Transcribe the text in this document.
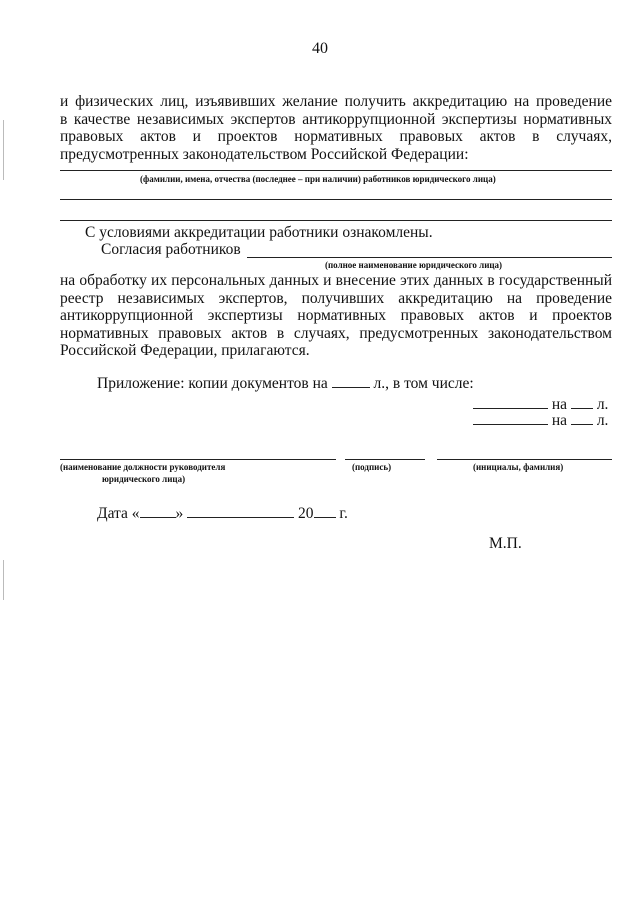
40
и физических лиц, изъявивших желание получить аккредитацию на проведение
в качестве независимых экспертов антикоррупционной экспертизы нормативных
правовых актов и проектов нормативных правовых актов в случаях,
предусмотренных законодательством Российской Федерации:
(фамилии, имена, отчества (последнее – при наличии) работников юридического лица)
С условиями аккредитации работники ознакомлены.
Согласия работников
(полное наименование юридического лица)
на обработку их персональных данных и внесение этих данных в государственный
реестр независимых экспертов, получивших аккредитацию на проведение
антикоррупционной экспертизы нормативных правовых актов и проектов
нормативных правовых актов в случаях, предусмотренных законодательством
Российской Федерации, прилагаются.
Приложение: копии документов на	л., в том числе:
на л.
на л.
(наименование должности руководителя
юридического лица)
(подпись)	(инициалы, фамилия)
Дата « »	20 г.
М.П.
